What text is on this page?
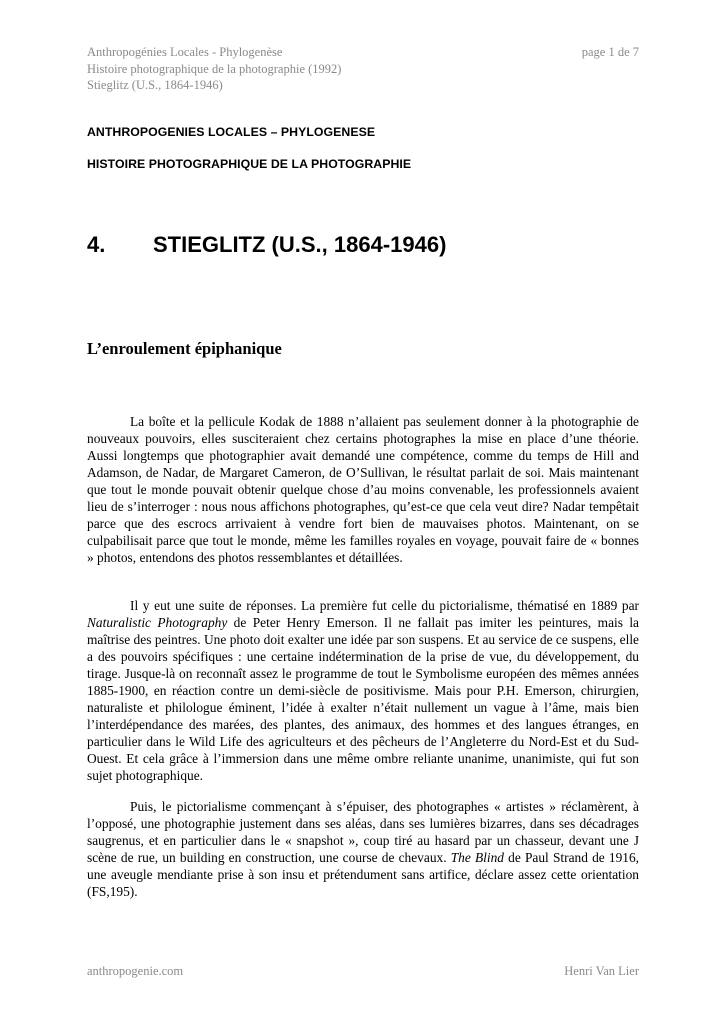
Anthropogénies Locales - Phylogenèse
Histoire photographique de la photographie (1992)
Stieglitz (U.S., 1864-1946)
page 1 de 7
ANTHROPOGENIES LOCALES – PHYLOGENESE
HISTOIRE PHOTOGRAPHIQUE DE LA PHOTOGRAPHIE
4. STIEGLITZ (U.S., 1864-1946)
L’enroulement épiphanique

La boîte et la pellicule Kodak de 1888 n’allaient pas seulement donner à la photographie de nouveaux pouvoirs, elles susciteraient chez certains photographes la mise en place d’une théorie. Aussi longtemps que photographier avait demandé une compétence, comme du temps de Hill and Adamson, de Nadar, de Margaret Cameron, de O’Sullivan, le résultat parlait de soi. Mais maintenant que tout le monde pouvait obtenir quelque chose d’au moins convenable, les professionnels avaient lieu de s’interroger : nous nous affichons photographes, qu’est-ce que cela veut dire? Nadar tempêtait parce que des escrocs arrivaient à vendre fort bien de mauvaises photos. Maintenant, on se culpabilisait parce que tout le monde, même les familles royales en voyage, pouvait faire de « bonnes » photos, entendons des photos ressemblantes et détaillées.

Il y eut une suite de réponses. La première fut celle du pictorialisme, thématisé en 1889 par Naturalistic Photography de Peter Henry Emerson. Il ne fallait pas imiter les peintures, mais la maîtrise des peintres. Une photo doit exalter une idée par son suspens. Et au service de ce suspens, elle a des pouvoirs spécifiques : une certaine indétermination de la prise de vue, du développement, du tirage. Jusque-là on reconnaît assez le programme de tout le Symbolisme européen des mêmes années 1885-1900, en réaction contre un demi-siècle de positivisme. Mais pour P.H. Emerson, chirurgien, naturaliste et philologue éminent, l’idée à exalter n’était nullement un vague à l’âme, mais bien l’interdépendance des marées, des plantes, des animaux, des hommes et des langues étranges, en particulier dans le Wild Life des agriculteurs et des pêcheurs de l’Angleterre du Nord-Est et du Sud-Ouest. Et cela grâce à l’immersion dans une même ombre reliante unanime, unanimiste, qui fut son sujet photographique.

Puis, le pictorialisme commençant à s’épuiser, des photographes « artistes » réclamèrent, à l’opposé, une photographie justement dans ses aléas, dans ses lumières bizarres, dans ses décadrages saugrenus, et en particulier dans le « snapshot », coup tiré au hasard par un chasseur, devant une J scène de rue, un building en construction, une course de chevaux. The Blind de Paul Strand de 1916, une aveugle mendiante prise à son insu et prétendument sans artifice, déclare assez cette orientation (FS,195).

anthropogenie.com	Henri Van Lier
